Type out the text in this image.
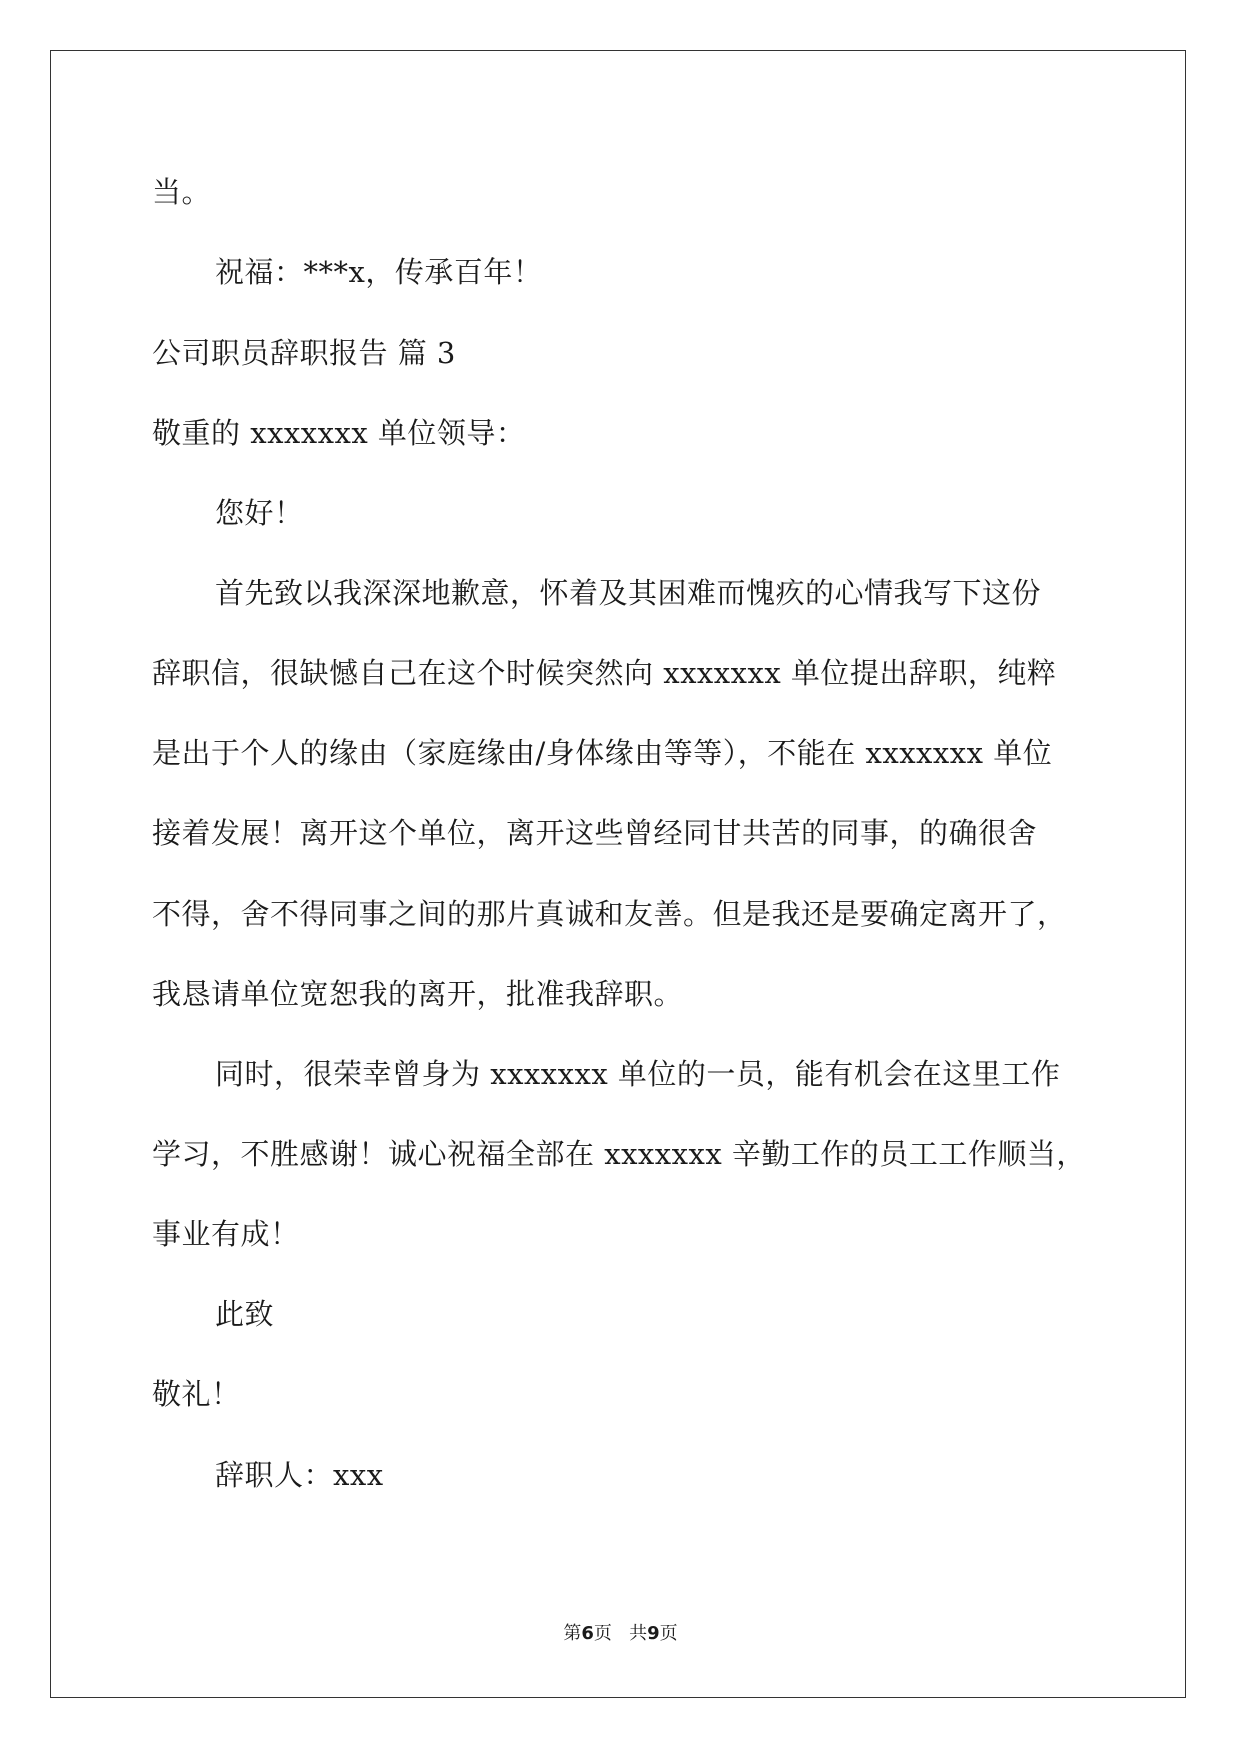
当。
祝福：***x，传承百年！
公司职员辞职报告 篇 3
敬重的 xxxxxxx 单位领导：
您好！
首先致以我深深地歉意，怀着及其困难而愧疚的心情我写下这份
辞职信，很缺憾自己在这个时候突然向 xxxxxxx 单位提出辞职，纯粹
是出于个人的缘由（家庭缘由/身体缘由等等），不能在 xxxxxxx 单位
接着发展！离开这个单位，离开这些曾经同甘共苦的同事，的确很舍
不得，舍不得同事之间的那片真诚和友善。但是我还是要确定离开了，
我恳请单位宽恕我的离开，批准我辞职。
同时，很荣幸曾身为 xxxxxxx 单位的一员，能有机会在这里工作
学习，不胜感谢！诚心祝福全部在 xxxxxxx 辛勤工作的员工工作顺当，
事业有成！
此致
敬礼！
辞职人：xxx
第6页 共9页
